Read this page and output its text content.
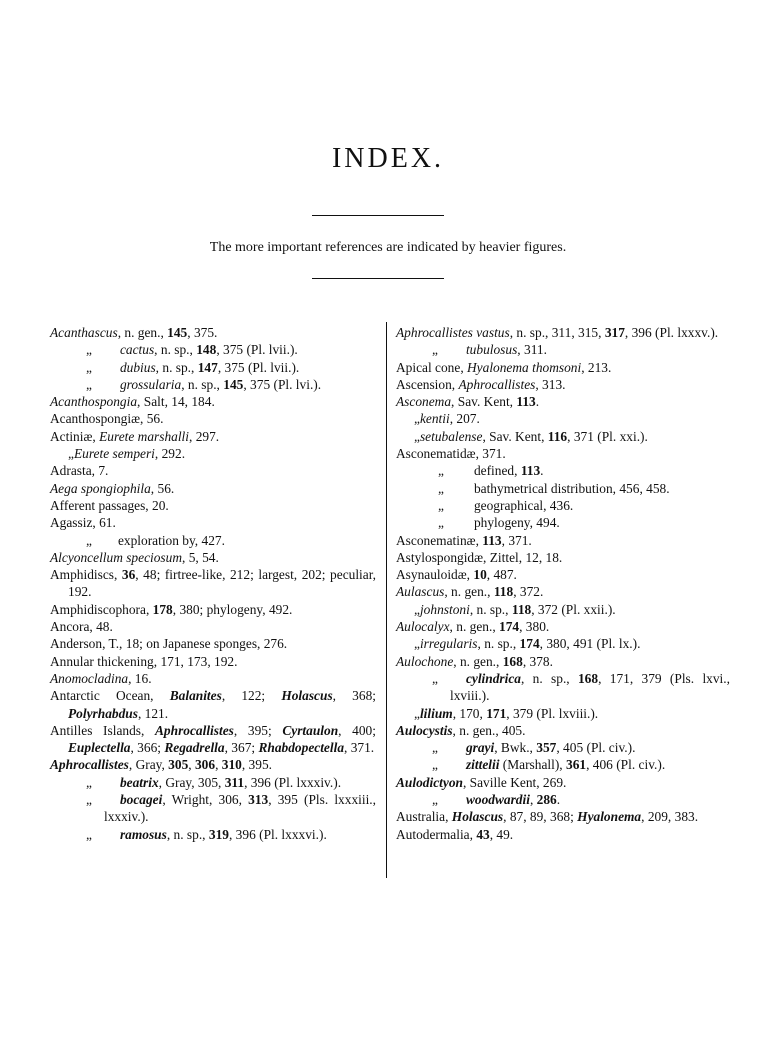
INDEX.

The more important references are indicated by heavier figures.

Acanthascus, n. gen., 145, 375.
„ cactus, n. sp., 148, 375 (Pl. lvii.).
„ dubius, n. sp., 147, 375 (Pl. lvii.).
„ grossularia, n. sp., 145, 375 (Pl. lvi.).
Acanthospongia, Salt, 14, 184.
Acanthospongiæ, 56.
Actiniæ, Eurete marshalli, 297.
„Eurete semperi, 292.
Adrasta, 7.
Aega spongiophila, 56.
Afferent passages, 20.
Agassiz, 61.
„ exploration by, 427.
Alcyoncellum speciosum, 5, 54.
Amphidiscs, 36, 48; firtree-like, 212; largest, 202; peculiar, 192.
Amphidiscophora, 178, 380; phylogeny, 492.
Ancora, 48.
Anderson, T., 18; on Japanese sponges, 276.
Annular thickening, 171, 173, 192.
Anomocladina, 16.
Antarctic Ocean, Balanites, 122; Holascus, 368; Polyrhabdus, 121.
Antilles Islands, Aphrocallistes, 395; Cyrtaulon, 400; Euplectella, 366; Regadrella, 367; Rhabdopectella, 371.
Aphrocallistes, Gray, 305, 306, 310, 395.
„ beatrix, Gray, 305, 311, 396 (Pl. lxxxiv.).
„ bocagei, Wright, 306, 313, 395 (Pls. lxxxiii., lxxxiv.).
„ ramosus, n. sp., 319, 396 (Pl. lxxxvi.).
Aphrocallistes vastus, n. sp., 311, 315, 317, 396 (Pl. lxxxv.).
„ tubulosus, 311.
Apical cone, Hyalonema thomsoni, 213.
Ascension, Aphrocallistes, 313.
Asconema, Sav. Kent, 113.
„kentii, 207.
„setubalense, Sav. Kent, 116, 371 (Pl. xxi.).
Asconematidæ, 371.
„ defined, 113.
„ bathymetrical distribution, 456, 458.
„ geographical, 436.
„ phylogeny, 494.
Asconematinæ, 113, 371.
Astylospongidæ, Zittel, 12, 18.
Asynauloidæ, 10, 487.
Aulascus, n. gen., 118, 372.
„johnstoni, n. sp., 118, 372 (Pl. xxii.).
Aulocalyx, n. gen., 174, 380.
„irregularis, n. sp., 174, 380, 491 (Pl. lx.).
Aulochone, n. gen., 168, 378.
„ cylindrica, n. sp., 168, 171, 379 (Pls. lxvi., lxviii.).
„lilium, 170, 171, 379 (Pl. lxviii.).
Aulocystis, n. gen., 405.
„ grayi, Bwk., 357, 405 (Pl. civ.).
„ zittelii (Marshall), 361, 406 (Pl. civ.).
Aulodictyon, Saville Kent, 269.
„ woodwardii, 286.
Australia, Holascus, 87, 89, 368; Hyalonema, 209, 383.
Autodermalia, 43, 49.
